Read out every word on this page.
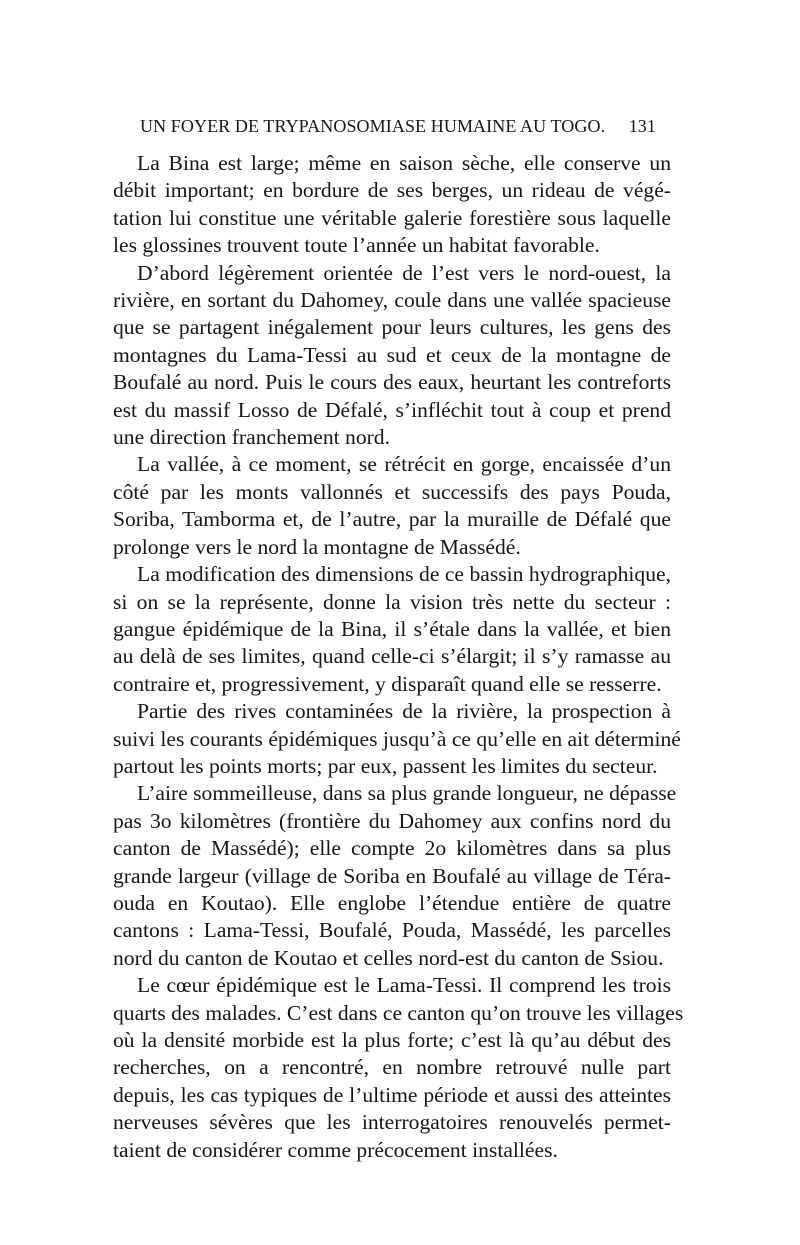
UN FOYER DE TRYPANOSOMIASE HUMAINE AU TOGO. 131
La Bina est large; même en saison sèche, elle conserve un
débit important; en bordure de ses berges, un rideau de végé-
tation lui constitue une véritable galerie forestière sous laquelle
les glossines trouvent toute l’année un habitat favorable.
D’abord légèrement orientée de l’est vers le nord-ouest, la
rivière, en sortant du Dahomey, coule dans une vallée spacieuse
que se partagent inégalement pour leurs cultures, les gens des
montagnes du Lama-Tessi au sud et ceux de la montagne de
Boufalé au nord. Puis le cours des eaux, heurtant les contreforts
est du massif Losso de Défalé, s’infléchit tout à coup et prend
une direction franchement nord.
La vallée, à ce moment, se rétrécit en gorge, encaissée d’un
côté par les monts vallonnés et successifs des pays Pouda,
Soriba, Tamborma et, de l’autre, par la muraille de Défalé que
prolonge vers le nord la montagne de Massédé.
La modification des dimensions de ce bassin hydrographique,
si on se la représente, donne la vision très nette du secteur :
gangue épidémique de la Bina, il s’étale dans la vallée, et bien
au delà de ses limites, quand celle-ci s’élargit; il s’y ramasse au
contraire et, progressivement, y disparaît quand elle se resserre.
Partie des rives contaminées de la rivière, la prospection à
suivi les courants épidémiques jusqu’à ce qu’elle en ait déterminé
partout les points morts; par eux, passent les limites du secteur.
L’aire sommeilleuse, dans sa plus grande longueur, ne dépasse
pas 3o kilomètres (frontière du Dahomey aux confins nord du
canton de Massédé); elle compte 2o kilomètres dans sa plus
grande largeur (village de Soriba en Boufalé au village de Téra-
ouda en Koutao). Elle englobe l’étendue entière de quatre
cantons : Lama-Tessi, Boufalé, Pouda, Massédé, les parcelles
nord du canton de Koutao et celles nord-est du canton de Ssiou.
Le cœur épidémique est le Lama-Tessi. Il comprend les trois
quarts des malades. C’est dans ce canton qu’on trouve les villages
où la densité morbide est la plus forte; c’est là qu’au début des
recherches, on a rencontré, en nombre retrouvé nulle part
depuis, les cas typiques de l’ultime période et aussi des atteintes
nerveuses sévères que les interrogatoires renouvelés permet-
taient de considérer comme précocement installées.
